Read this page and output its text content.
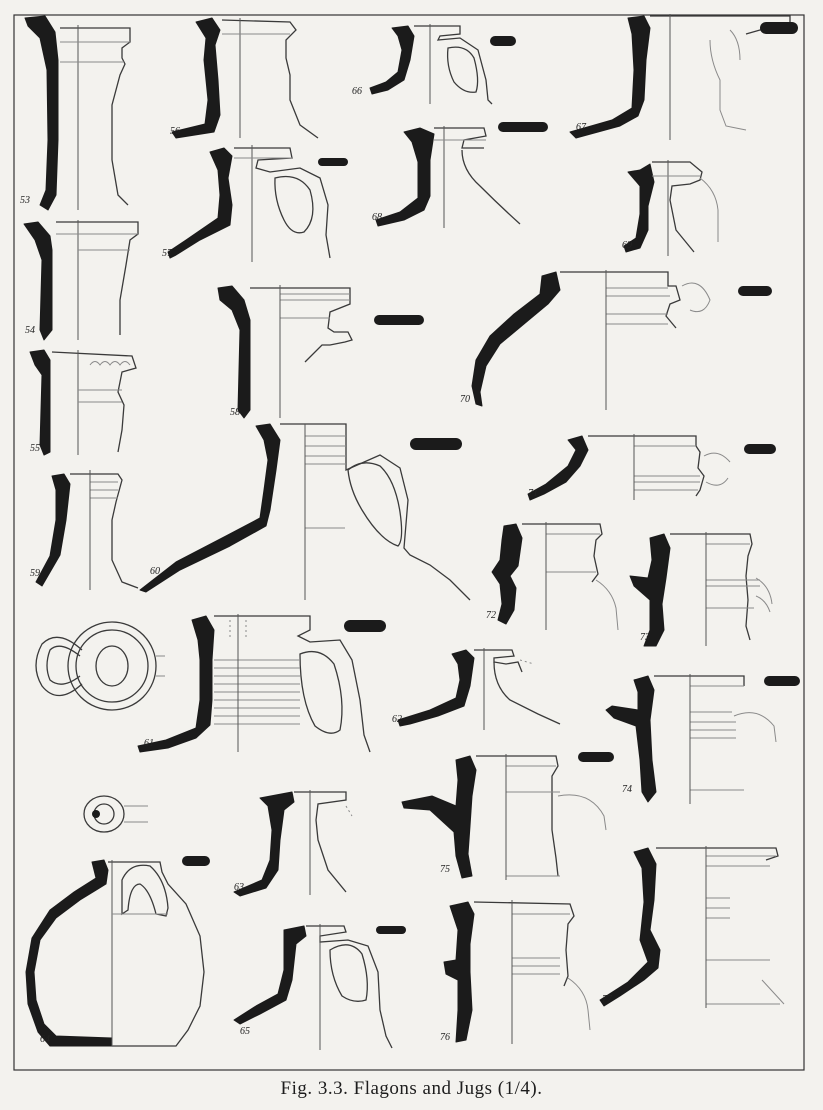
53
54
55
56
57
58
59	60
61
62
63
64
65
66
67
68
69
70
71
72
73
74
75
76
77
Fig. 3.3. Flagons and Jugs (1/4).
